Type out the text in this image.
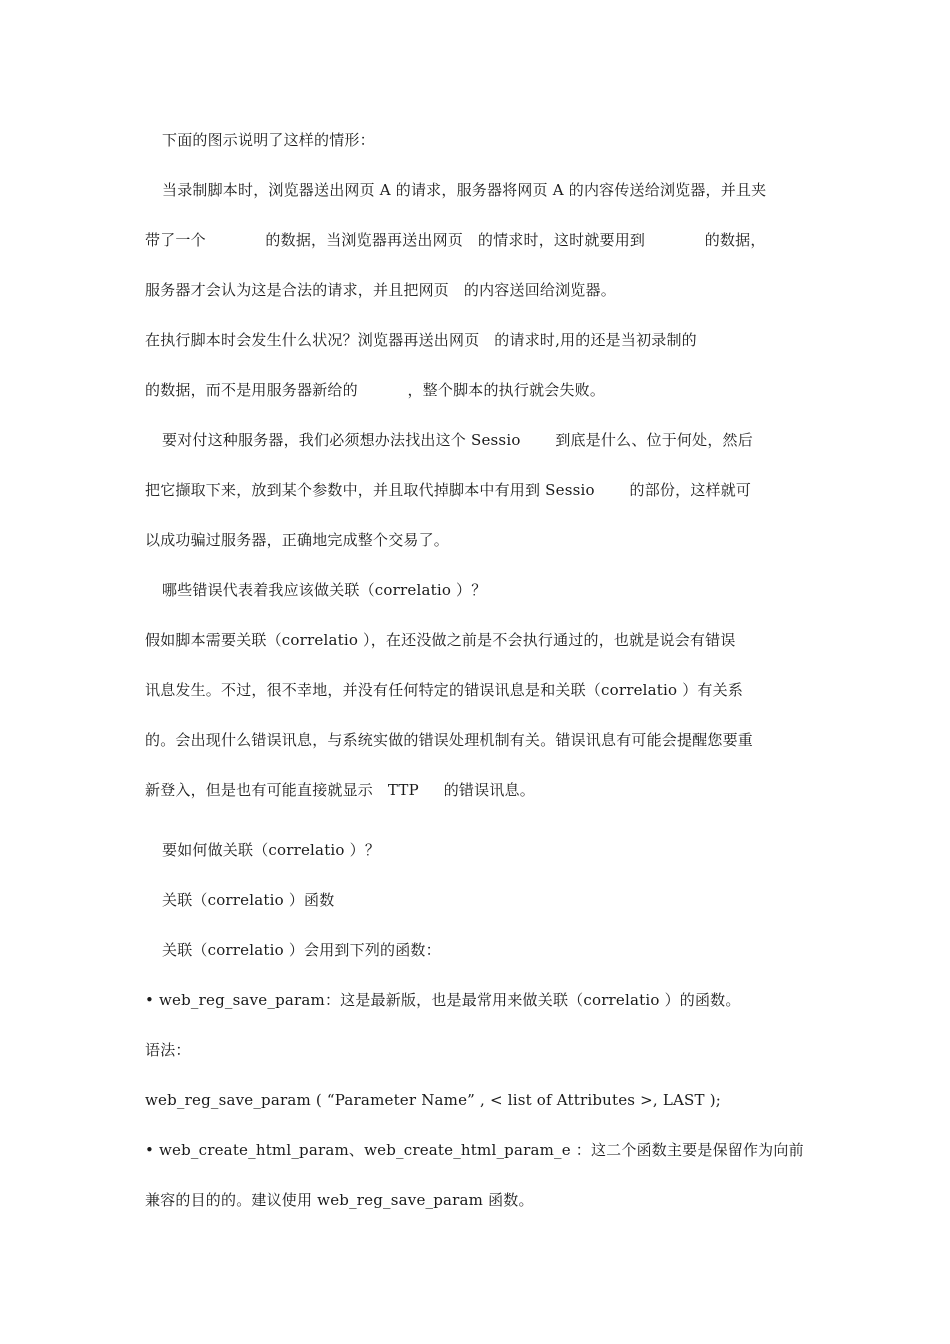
下面的图示说明了这样的情形：
当录制脚本时，浏览器送出网页 A 的请求，服务器将网页 A 的内容传送给浏览器，并且夹
带了一个            的数据，当浏览器再送出网页   的情求时，这时就要用到            的数据，
服务器才会认为这是合法的请求，并且把网页   的内容送回给浏览器。
在执行脚本时会发生什么状况？浏览器再送出网页   的请求时,用的还是当初录制的
的数据，而不是用服务器新给的          ，整个脚本的执行就会失败。
要对付这种服务器，我们必须想办法找出这个 Sessio       到底是什么、位于何处，然后
把它撷取下来，放到某个参数中，并且取代掉脚本中有用到 Sessio       的部份，这样就可
以成功骗过服务器，正确地完成整个交易了。
哪些错误代表着我应该做关联（correlatio ）？
假如脚本需要关联（correlatio ），在还没做之前是不会执行通过的，也就是说会有错误
讯息发生。不过，很不幸地，并没有任何特定的错误讯息是和关联（correlatio ）有关系
的。会出现什么错误讯息，与系统实做的错误处理机制有关。错误讯息有可能会提醒您要重
新登入，但是也有可能直接就显示   TTP     的错误讯息。
要如何做关联（correlatio ）？
关联（correlatio ）函数
关联（correlatio ）会用到下列的函数：
• web_reg_save_param：这是最新版，也是最常用来做关联（correlatio ）的函数。
语法：
web_reg_save_param ( “Parameter Name” , < list of Attributes >, LAST );
• web_create_html_param、web_create_html_param_e ：这二个函数主要是保留作为向前
兼容的目的的。建议使用 web_reg_save_param 函数。
